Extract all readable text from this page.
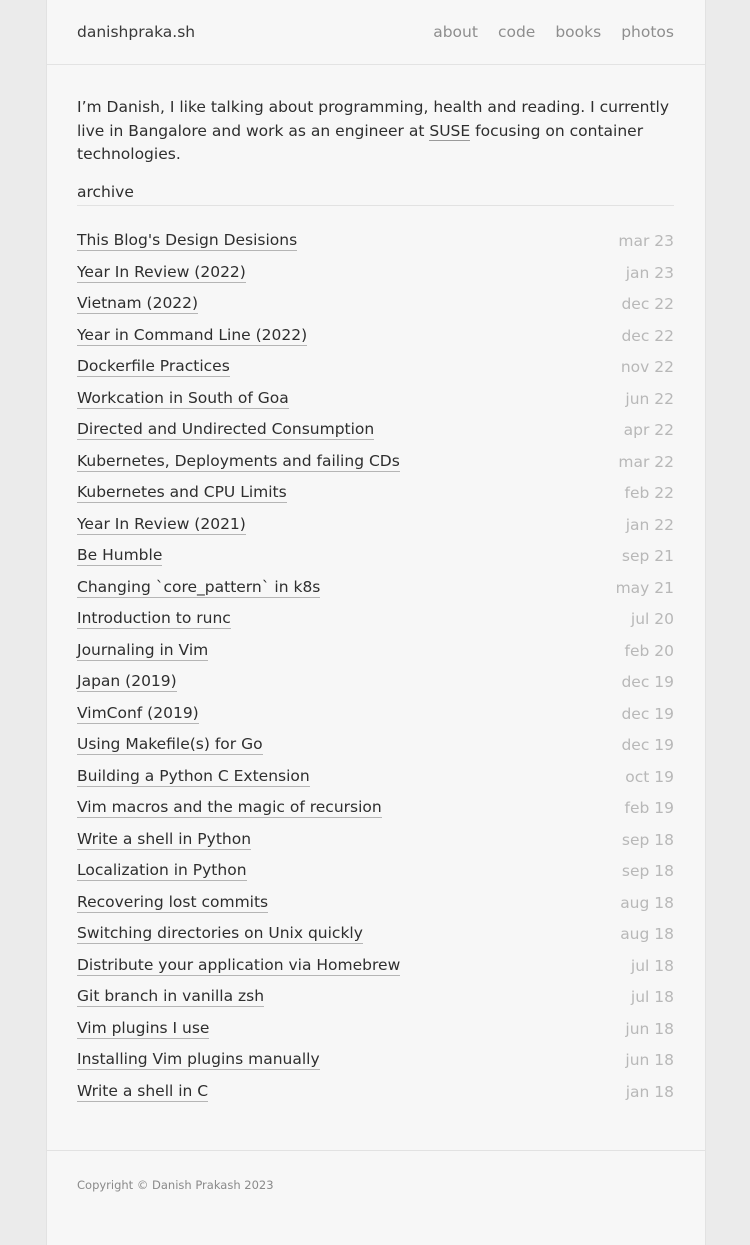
danishpraka.sh	about code books photos

I’m Danish, I like talking about programming, health and reading. I currently live in Bangalore and work as an engineer at SUSE focusing on container technologies.

archive
This Blog's Design Desisions	mar 23
Year In Review (2022)	jan 23
Vietnam (2022)	dec 22
Year in Command Line (2022)	dec 22
Dockerfile Practices	nov 22
Workcation in South of Goa	jun 22
Directed and Undirected Consumption	apr 22
Kubernetes, Deployments and failing CDs	mar 22
Kubernetes and CPU Limits	feb 22
Year In Review (2021)	jan 22
Be Humble	sep 21
Changing `core_pattern` in k8s	may 21
Introduction to runc	jul 20
Journaling in Vim	feb 20
Japan (2019)	dec 19
VimConf (2019)	dec 19
Using Makefile(s) for Go	dec 19
Building a Python C Extension	oct 19
Vim macros and the magic of recursion	feb 19
Write a shell in Python	sep 18
Localization in Python	sep 18
Recovering lost commits	aug 18
Switching directories on Unix quickly	aug 18
Distribute your application via Homebrew	jul 18
Git branch in vanilla zsh	jul 18
Vim plugins I use	jun 18
Installing Vim plugins manually	jun 18
Write a shell in C	jan 18
Copyright © Danish Prakash 2023
